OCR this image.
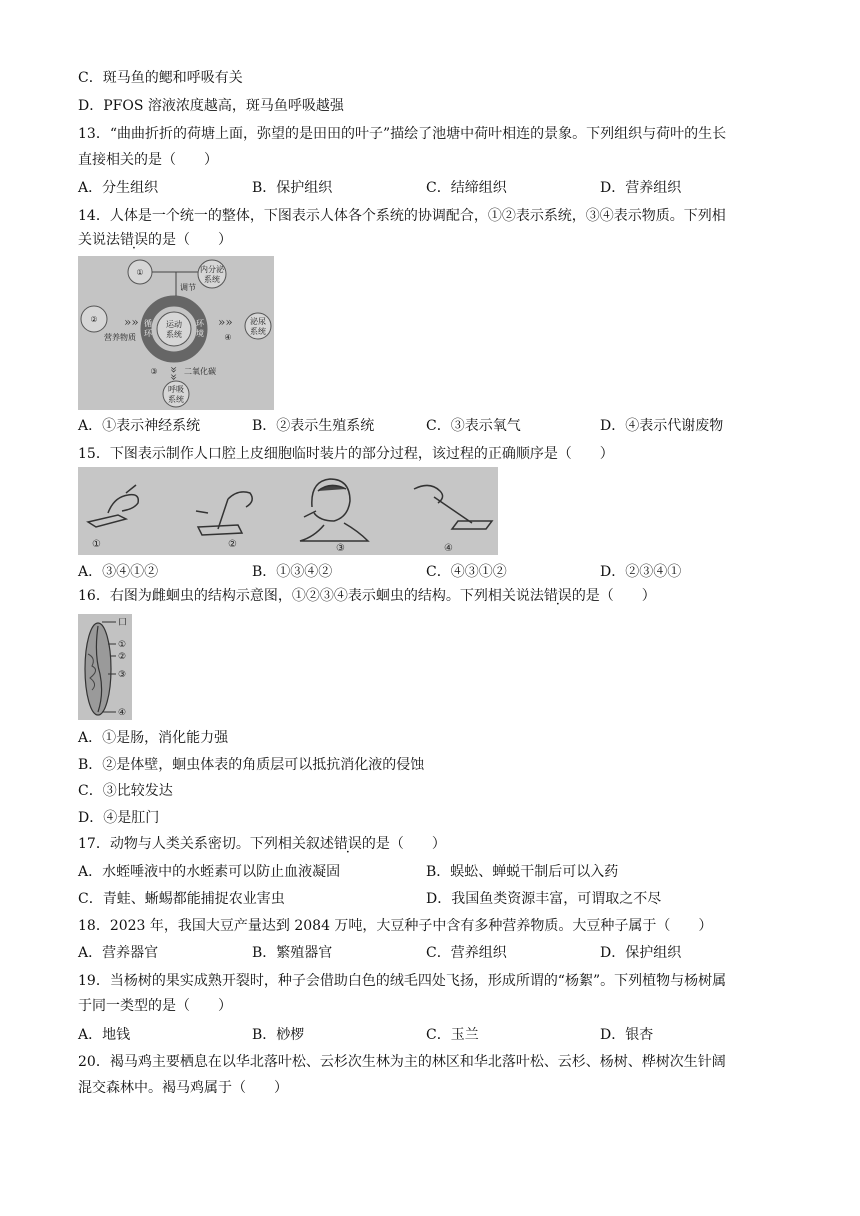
C．斑马鱼的鳃和呼吸有关
D．PFOS 溶液浓度越高，斑马鱼呼吸越强
13．“曲曲折折的荷塘上面，弥望的是田田的叶子”描绘了池塘中荷叶相连的景象。下列组织与荷叶的生长
直接相关的是（　　）
A．分生组织	B．保护组织	C．结缔组织	D．营养组织
14．人体是一个统一的整体，下图表示人体各个系统的协调配合，①②表示系统，③④表示物质。下列相
关说法错误的是（　　）
运动
系统
循
环
环
境
①	内分泌
系统
调节
② »»
营养物质
»»
④
泌尿
系统
»»
③	二氧化碳
呼吸
系统
A．①表示神经系统	B．②表示生殖系统	C．③表示氧气	D．④表示代谢废物
15．下图表示制作人口腔上皮细胞临时装片的部分过程，该过程的正确顺序是（　　）
①	②	③	④
A．③④①②	B．①③④②	C．④③①②	D．②③④①
16．右图为雌蛔虫的结构示意图，①②③④表示蛔虫的结构。下列相关说法错误的是（　　）
口
①
②
③
④
A．①是肠，消化能力强
B．②是体壁，蛔虫体表的角质层可以抵抗消化液的侵蚀
C．③比较发达
D．④是肛门
17．动物与人类关系密切。下列相关叙述错误的是（　　）
A．水蛭唾液中的水蛭素可以防止血液凝固	B．蜈蚣、蝉蜕干制后可以入药
C．青蛙、蜥蜴都能捕捉农业害虫	D．我国鱼类资源丰富，可谓取之不尽
18．2023 年，我国大豆产量达到 2084 万吨，大豆种子中含有多种营养物质。大豆种子属于（　　）
A．营养器官	B．繁殖器官	C．营养组织	D．保护组织
19．当杨树的果实成熟开裂时，种子会借助白色的绒毛四处飞扬，形成所谓的“杨絮”。下列植物与杨树属
于同一类型的是（　　）
A．地钱	B．桫椤	C．玉兰	D．银杏
20．褐马鸡主要栖息在以华北落叶松、云杉次生林为主的林区和华北落叶松、云杉、杨树、桦树次生针阔
混交森林中。褐马鸡属于（　　）
